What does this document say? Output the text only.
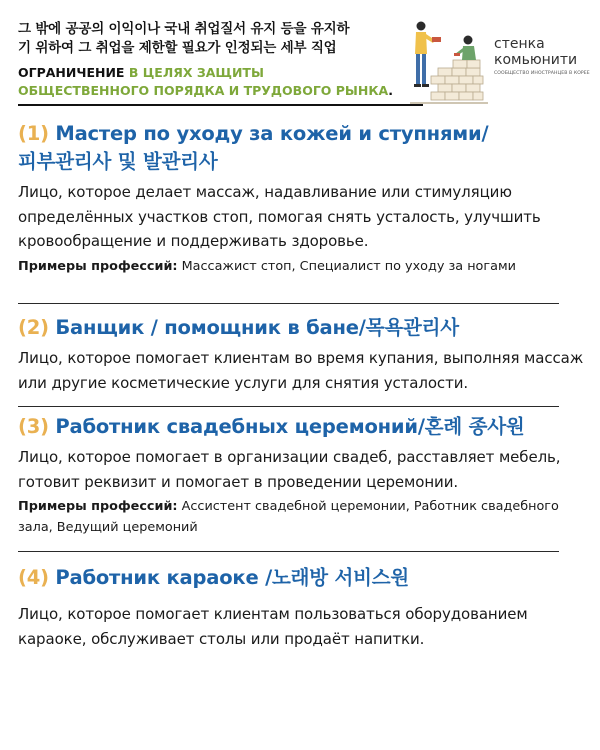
그 밖에 공공의 이익이나 국내 취업질서 유지 등을 유지하
기 위하여 그 취업을 제한할 필요가 인정되는 세부 직업
ОГРАНИЧЕНИЕ В ЦЕЛЯХ ЗАЩИТЫ
ОБЩЕСТВЕННОГО ПОРЯДКА И ТРУДОВОГО РЫНКА.
стенка
комьюнити
СООБЩЕСТВО ИНОСТРАНЦЕВ В КОРЕЕ
(1) Мастер по уходу за кожей и ступнями/
피부관리사 및 발관리사
Лицо, которое делает массаж, надавливание или стимуляцию определённых участков стоп, помогая снять усталость, улучшить кровообращение и поддерживать здоровье.
Примеры профессий: Массажист стоп, Специалист по уходу за ногами
(2) Банщик / помощник в бане/목욕관리사
Лицо, которое помогает клиентам во время купания, выполняя массаж или другие косметические услуги для снятия усталости.
(3) Работник свадебных церемоний/혼례 종사원
Лицо, которое помогает в организации свадеб, расставляет мебель, готовит реквизит и помогает в проведении церемонии.
Примеры профессий: Ассистент свадебной церемонии, Работник свадебного зала, Ведущий церемоний
(4) Работник караоке /노래방 서비스원
Лицо, которое помогает клиентам пользоваться оборудованием караоке, обслуживает столы или продаёт напитки.
